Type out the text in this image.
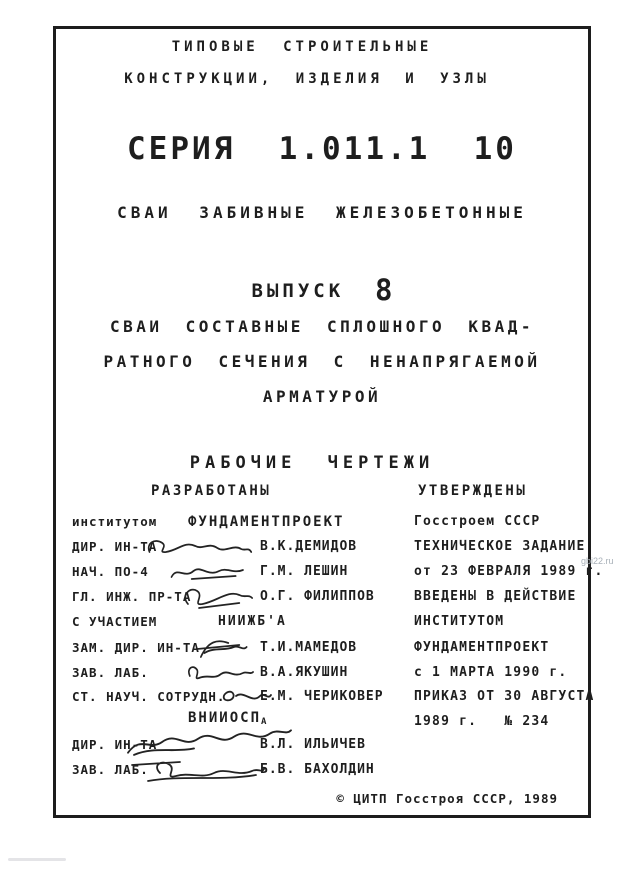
ТИПОВЫЕ СТРОИТЕЛЬНЫЕ
КОНСТРУКЦИИ, ИЗДЕЛИЯ И УЗЛЫ
СЕРИЯ  1.011.1  10
СВАИ ЗАБИВНЫЕ ЖЕЛЕЗОБЕТОННЫЕ
ВЫПУСК 8
СВАИ СОСТАВНЫЕ СПЛОШНОГО КВАД-
РАТНОГО СЕЧЕНИЯ С НЕНАПРЯГАЕМОЙ
АРМАТУРОЙ
РАБОЧИЕ ЧЕРТЕЖИ
РАЗРАБОТАНЫ	УТВЕРЖДЕНЫ
институтом ФУНДАМЕНТПРОЕКТ
ДИР. ИН-ТА	В.К.ДЕМИДОВ
НАЧ. ПО-4	Г.М. ЛЕШИН
ГЛ. ИНЖ. ПР-ТА	О.Г. ФИЛИППОВ
С УЧАСТИЕМ	НИИЖБ'А
ЗАМ. ДИР. ИН-ТА	Т.И.МАМЕДОВ
ЗАВ. ЛАБ.	В.А.ЯКУШИН
СТ. НАУЧ. СОТРУДН.	Е.М. ЧЕРИКОВЕР
$ВНИИОСП_А$
ДИР. ИН-ТА	В.Л. ИЛЬИЧЕВ
ЗАВ. ЛАБ.	Б.В. БАХОЛДИН
Госстроем СССР
ТЕХНИЧЕСКОЕ ЗАДАНИЕ
от 23 ФЕВРАЛЯ 1989 г.
ВВЕДЕНЫ В ДЕЙСТВИЕ
ИНСТИТУТОМ
ФУНДАМЕНТПРОЕКТ
с 1 МАРТА 1990 г.
ПРИКАЗ ОТ 30 АВГУСТА
1989 г.   № 234
© ЦИТП Госстроя СССР, 1989
gbi22.ru
